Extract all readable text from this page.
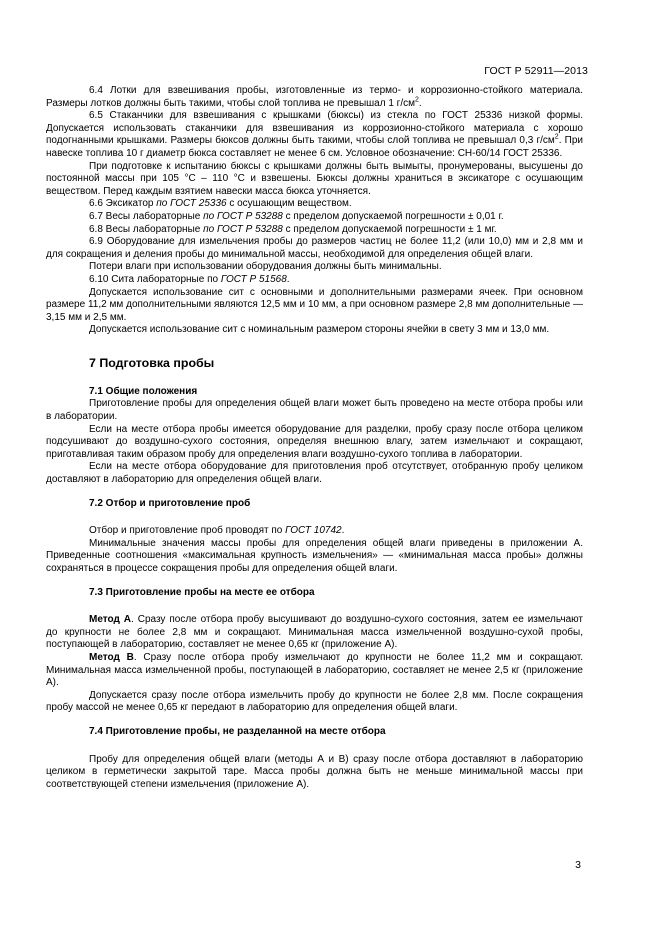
ГОСТ Р 52911—2013

6.4 Лотки для взвешивания пробы, изготовленные из термо- и коррозионно-стойкого материала. Размеры лотков должны быть такими, чтобы слой топлива не превышал 1 $г/см^2$.

6.5 Стаканчики для взвешивания с крышками (бюксы) из стекла по ГОСТ 25336 низкой формы. Допускается использовать стаканчики для взвешивания из коррозионно-стойкого материала с хорошо подогнанными крышками. Размеры бюксов должны быть такими, чтобы слой топлива не превышал 0,3 $г/см^2$. При навеске топлива 10 г диаметр бюкса составляет не менее 6 см. Условное обозначение: СН-60/14 ГОСТ 25336.

При подготовке к испытанию бюксы с крышками должны быть вымыты, пронумерованы, высушены до постоянной массы при 105 °С – 110 °С и взвешены. Бюксы должны храниться в эксикаторе с осушающим веществом. Перед каждым взятием навески масса бюкса уточняется.

6.6 Эксикатор по ГОСТ 25336 с осушающим веществом.

6.7 Весы лабораторные по ГОСТ Р 53288 с пределом допускаемой погрешности ± 0,01 г.

6.8 Весы лабораторные по ГОСТ Р 53288 с пределом допускаемой погрешности ± 1 мг.

6.9 Оборудование для измельчения пробы до размеров частиц не более 11,2 (или 10,0) мм и 2,8 мм и для сокращения и деления пробы до минимальной массы, необходимой для определения общей влаги.

Потери влаги при использовании оборудования должны быть минимальны.

6.10 Сита лабораторные по ГОСТ Р 51568.

Допускается использование сит с основными и дополнительными размерами ячеек. При основном размере 11,2 мм дополнительными являются 12,5 мм и 10 мм, а при основном размере 2,8 мм дополнительные — 3,15 мм и 2,5 мм.

Допускается использование сит с номинальным размером стороны ячейки в свету 3 мм и 13,0 мм.

7 Подготовка пробы

7.1 Общие положения

Приготовление пробы для определения общей влаги может быть проведено на месте отбора пробы или в лаборатории.

Если на месте отбора пробы имеется оборудование для разделки, пробу сразу после отбора целиком подсушивают до воздушно-сухого состояния, определяя внешнюю влагу, затем измельчают и сокращают, приготавливая таким образом пробу для определения влаги воздушно-сухого топлива в лаборатории.

Если на месте отбора оборудование для приготовления проб отсутствует, отобранную пробу целиком доставляют в лабораторию для определения общей влаги.

7.2 Отбор и приготовление проб

Отбор и приготовление проб проводят по ГОСТ 10742.

Минимальные значения массы пробы для определения общей влаги приведены в приложении А. Приведенные соотношения «максимальная крупность измельчения» — «минимальная масса пробы» должны сохраняться в процессе сокращения пробы для определения общей влаги.

7.3 Приготовление пробы на месте ее отбора

Метод А. Сразу после отбора пробу высушивают до воздушно-сухого состояния, затем ее измельчают до крупности не более 2,8 мм и сокращают. Минимальная масса измельченной воздушно-сухой пробы, поступающей в лабораторию, составляет не менее 0,65 кг (приложение А).

Метод В. Сразу после отбора пробу измельчают до крупности не более 11,2 мм и сокращают. Минимальная масса измельченной пробы, поступающей в лабораторию, составляет не менее 2,5 кг (приложение А).

Допускается сразу после отбора измельчить пробу до крупности не более 2,8 мм. После сокращения пробу массой не менее 0,65 кг передают в лабораторию для определения общей влаги.

7.4 Приготовление пробы, не разделанной на месте отбора

Пробу для определения общей влаги (методы А и В) сразу после отбора доставляют в лабораторию целиком в герметически закрытой таре. Масса пробы должна быть не меньше минимальной массы при соответствующей степени измельчения (приложение А).

3
